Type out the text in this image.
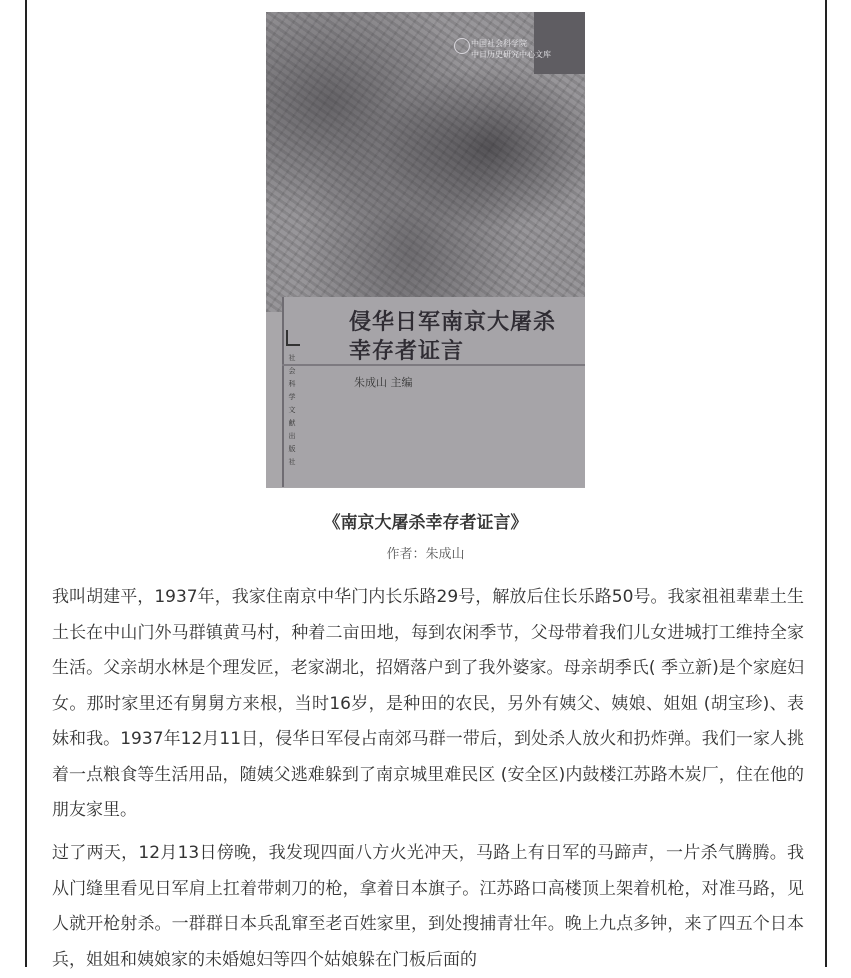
中国社会科学院
中日历史研究中心文库
侵华日军南京大屠杀
幸存者证言
朱成山 主编
社会科学文献出版社
《南京大屠杀幸存者证言》
作者：朱成山

我叫胡建平，1937年，我家住南京中华门内长乐路29号，解放后住长乐路50号。我家祖祖辈辈土生土长在中山门外马群镇黄马村，种着二亩田地，每到农闲季节，父母带着我们儿女进城打工维持全家生活。父亲胡水林是个理发匠，老家湖北，招婿落户到了我外婆家。母亲胡季氏( 季立新)是个家庭妇女。那时家里还有舅舅方来根，当时16岁，是种田的农民，另外有姨父、姨娘、姐姐 (胡宝珍)、表妹和我。1937年12月11日，侵华日军侵占南郊马群一带后，到处杀人放火和扔炸弹。我们一家人挑着一点粮食等生活用品，随姨父逃难躲到了南京城里难民区 (安全区)内鼓楼江苏路木炭厂，住在他的朋友家里。

过了两天，12月13日傍晚，我发现四面八方火光冲天，马路上有日军的马蹄声，一片杀气腾腾。我从门缝里看见日军肩上扛着带刺刀的枪，拿着日本旗子。江苏路口高楼顶上架着机枪，对准马路，见人就开枪射杀。一群群日本兵乱窜至老百姓家里，到处搜捕青壮年。晚上九点多钟，来了四五个日本兵，姐姐和姨娘家的未婚媳妇等四个姑娘躲在门板后面的
